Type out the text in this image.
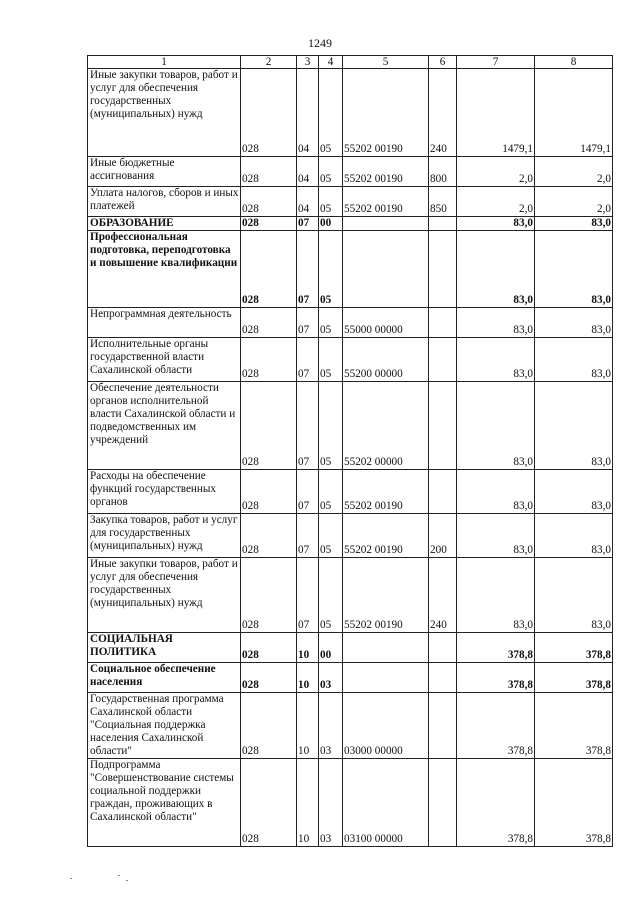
1249
1	2	3	4	5	6	7	8
Иные закупки товаров, работ и услуг для обеспечения государственных (муниципальных) нужд	028	04	05	55202 00190	240	1479,1	1479,1
Иные бюджетные ассигнования	028	04	05	55202 00190	800	2,0	2,0
Уплата налогов, сборов и иных платежей	028	04	05	55202 00190	850	2,0	2,0
ОБРАЗОВАНИЕ	028	07	00			83,0	83,0
Профессиональная подготовка, переподготовка и повышение квалификации	028	07	05			83,0	83,0
Непрограммная деятельность	028	07	05	55000 00000		83,0	83,0
Исполнительные органы государственной власти Сахалинской области	028	07	05	55200 00000		83,0	83,0
Обеспечение деятельности органов исполнительной власти Сахалинской области и подведомственных им учреждений	028	07	05	55202 00000		83,0	83,0
Расходы на обеспечение функций государственных органов	028	07	05	55202 00190		83,0	83,0
Закупка товаров, работ и услуг для государственных (муниципальных) нужд	028	07	05	55202 00190	200	83,0	83,0
Иные закупки товаров, работ и услуг для обеспечения государственных (муниципальных) нужд	028	07	05	55202 00190	240	83,0	83,0
СОЦИАЛЬНАЯ ПОЛИТИКА	028	10	00			378,8	378,8
Социальное обеспечение населения	028	10	03			378,8	378,8
Государственная программа Сахалинской области "Социальная поддержка населения Сахалинской области"	028	10	03	03000 00000		378,8	378,8
Подпрограмма "Совершенствование системы социальной поддержки граждан, проживающих в Сахалинской области"	028	10	03	03100 00000		378,8	378,8
